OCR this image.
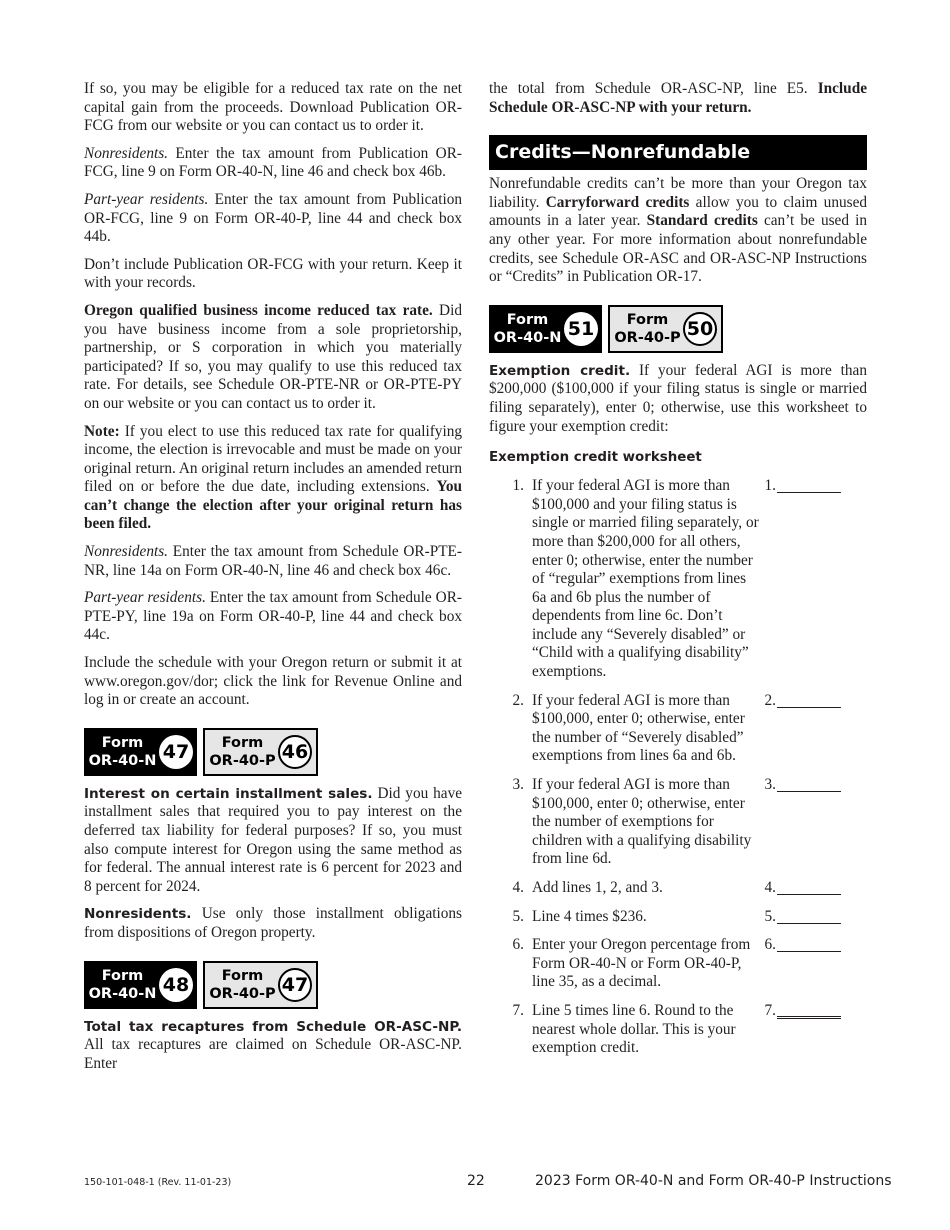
If so, you may be eligible for a reduced tax rate on the net capital gain from the proceeds. Download Publication OR-FCG from our website or you can contact us to order it.

Nonresidents. Enter the tax amount from Publication OR-FCG, line 9 on Form OR-40-N, line 46 and check box 46b.

Part-year residents. Enter the tax amount from Publication OR-FCG, line 9 on Form OR-40-P, line 44 and check box 44b.

Don’t include Publication OR-FCG with your return. Keep it with your records.

Oregon qualified business income reduced tax rate. Did you have business income from a sole proprietorship, partnership, or S corporation in which you materially participated? If so, you may qualify to use this reduced tax rate. For details, see Schedule OR-PTE-NR or OR-PTE-PY on our website or you can contact us to order it.

Note: If you elect to use this reduced tax rate for qualifying income, the election is irrevocable and must be made on your original return. An original return includes an amended return filed on or before the due date, including extensions. You can’t change the election after your original return has been filed.

Nonresidents. Enter the tax amount from Schedule OR-PTE-NR, line 14a on Form OR-40-N, line 46 and check box 46c.

Part-year residents. Enter the tax amount from Schedule OR-PTE-PY, line 19a on Form OR-40-P, line 44 and check box 44c.

Include the schedule with your Oregon return or submit it at www.oregon.gov/dor; click the link for Revenue Online and log in or create an account.

Form
OR-40-N 47	Form
OR-40-P 46

Interest on certain installment sales. Did you have installment sales that required you to pay interest on the deferred tax liability for federal purposes? If so, you must also compute interest for Oregon using the same method as for federal. The annual interest rate is 6 percent for 2023 and 8 percent for 2024.

Nonresidents. Use only those installment obligations from dispositions of Oregon property.

Form
OR-40-N 48	Form
OR-40-P 47

Total tax recaptures from Schedule OR-ASC-NP. All tax recaptures are claimed on Schedule OR-ASC-NP. Enter

the total from Schedule OR-ASC-NP, line E5. Include Schedule OR-ASC-NP with your return.

Credits—Nonrefundable

Nonrefundable credits can’t be more than your Oregon tax liability. Carryforward credits allow you to claim unused amounts in a later year. Standard credits can’t be used in any other year. For more information about nonrefundable credits, see Schedule OR-ASC and OR-ASC-NP Instructions or “Credits” in Publication OR-17.

Form
OR-40-N 51	Form
OR-40-P 50

Exemption credit. If your federal AGI is more than $200,000 ($100,000 if your filing status is single or married filing separately), enter 0; otherwise, use this worksheet to figure your exemption credit:

Exemption credit worksheet
1. If your federal AGI is more than $100,000 and your filing status is single or married filing separately, or more than $200,000 for all others, enter 0; otherwise, enter the number of “regular” exemptions from lines 6a and 6b plus the number of dependents from line 6c. Don’t include any “Severely disabled” or “Child with a qualifying disability” exemptions.
1.
2. If your federal AGI is more than $100,000, enter 0; otherwise, enter the number of “Severely disabled” exemptions from lines 6a and 6b.
2.
3. If your federal AGI is more than $100,000, enter 0; otherwise, enter the number of exemptions for children with a qualifying disability from line 6d.
3.
4. Add lines 1, 2, and 3.	4.
5. Line 4 times $236.	5.
6. Enter your Oregon percentage from Form OR-40-N or Form OR-40-P, line 35, as a decimal.
6.
7. Line 5 times line 6. Round to the nearest whole dollar. This is your exemption credit.
7.
150-101-048-1 (Rev. 11-01-23)	22	2023 Form OR-40-N and Form OR-40-P Instructions
